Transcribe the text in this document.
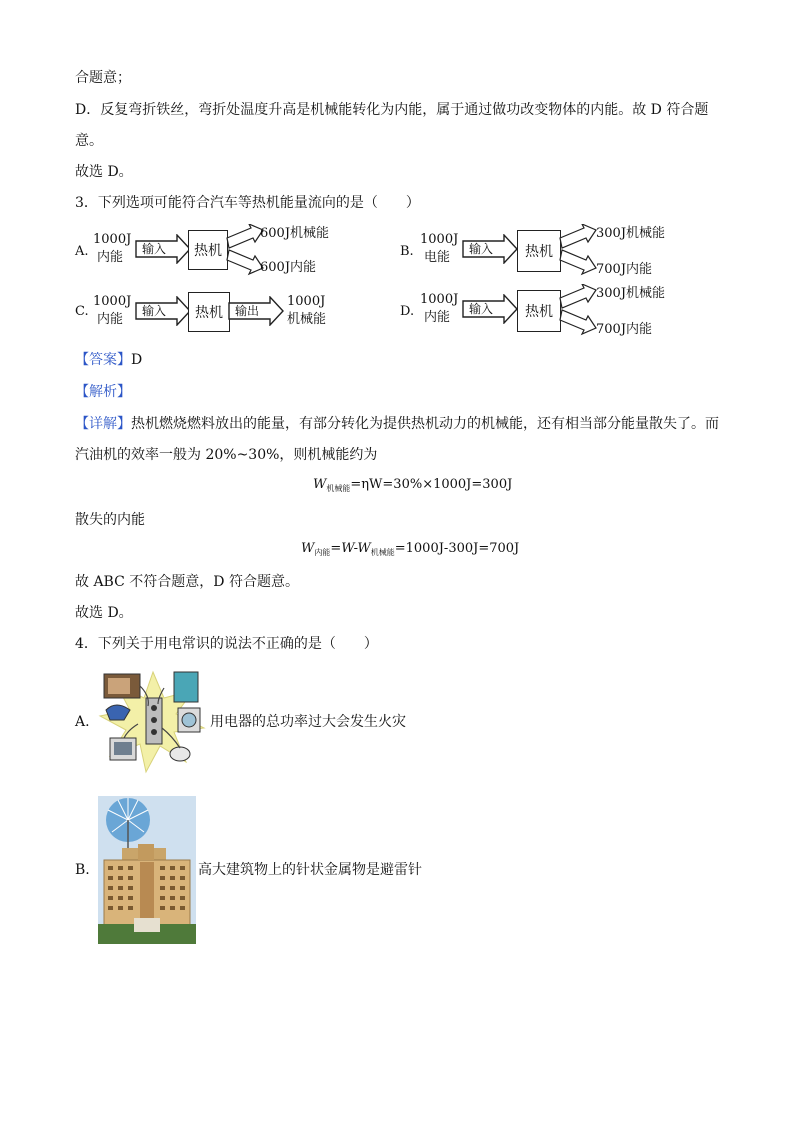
合题意；
D．反复弯折铁丝，弯折处温度升高是机械能转化为内能，属于通过做功改变物体的内能。故 D 符合题
意。
故选 D。
3．下列选项可能符合汽车等热机能量流向的是（　　）
A.
1000J
内能
输入	热机
600J机械能
600J内能
B.
1000J
电能
输入	热机
300J机械能
700J内能
C.
1000J
内能
输入	热机	输出
1000J
机械能
D.
1000J
内能
输入	热机
300J机械能
700J内能
【答案】D
【解析】
【详解】热机燃烧燃料放出的能量，有部分转化为提供热机动力的机械能，还有相当部分能量散失了。而
汽油机的效率一般为 20%~30%，则机械能约为
$W_{机械能}=\eta W=30\%\times 1000J=300J$
散失的内能
$W_{内能}=W-W_{机械能}=1000J-300J=700J$
故 ABC 不符合题意，D 符合题意。
故选 D。
4．下列关于用电常识的说法不正确的是（　　）
A.	用电器的总功率过大会发生火灾
B.	高大建筑物上的针状金属物是避雷针
